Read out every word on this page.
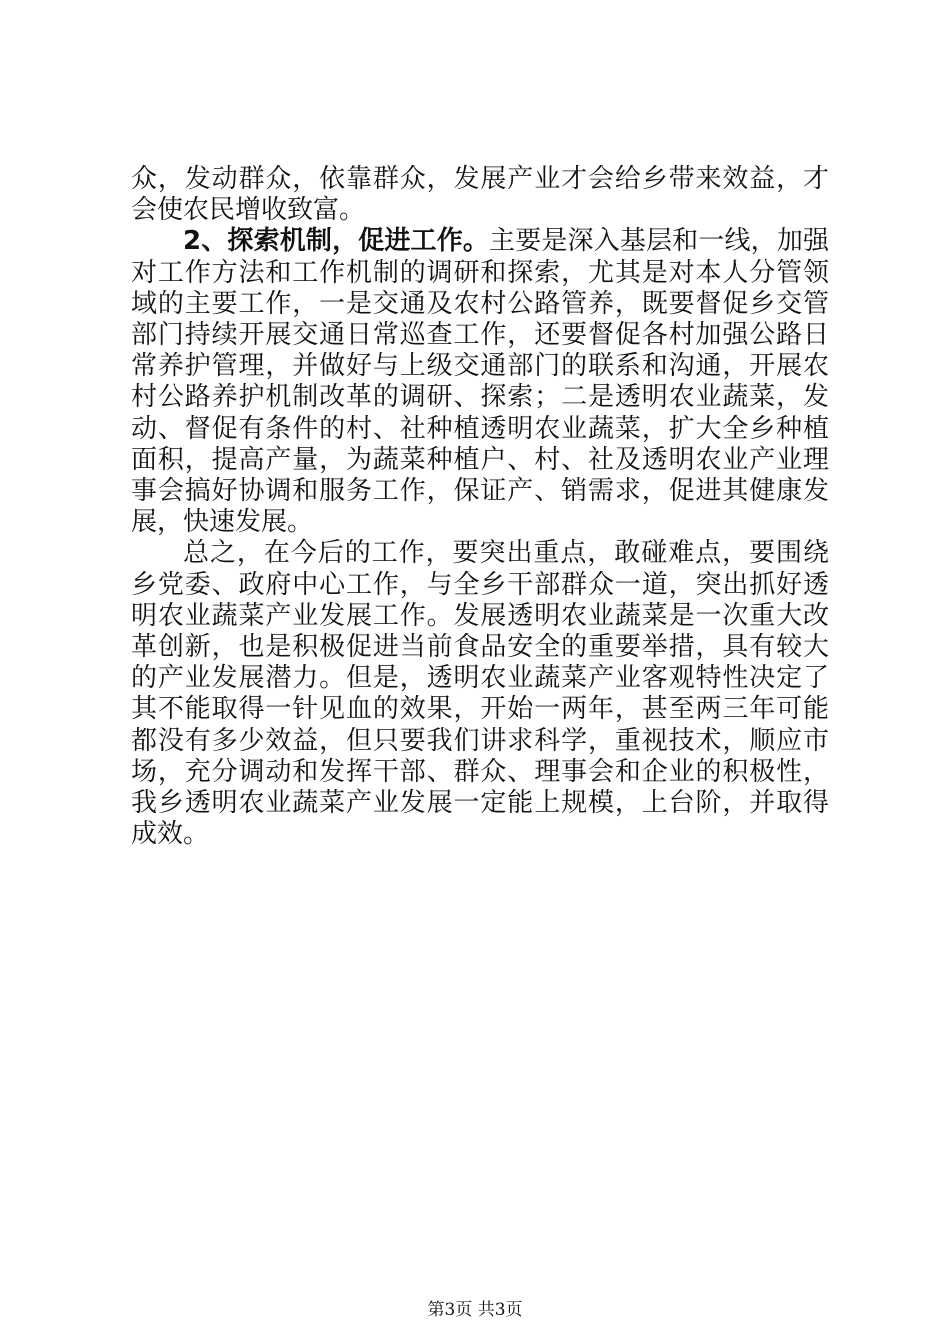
众，发动群众，依靠群众，发展产业才会给乡带来效益，才会使农民增收致富。

2、探索机制，促进工作。主要是深入基层和一线，加强对工作方法和工作机制的调研和探索，尤其是对本人分管领域的主要工作，一是交通及农村公路管养，既要督促乡交管部门持续开展交通日常巡查工作，还要督促各村加强公路日常养护管理，并做好与上级交通部门的联系和沟通，开展农村公路养护机制改革的调研、探索；二是透明农业蔬菜，发动、督促有条件的村、社种植透明农业蔬菜，扩大全乡种植面积，提高产量，为蔬菜种植户、村、社及透明农业产业理事会搞好协调和服务工作，保证产、销需求，促进其健康发展，快速发展。

总之，在今后的工作，要突出重点，敢碰难点，要围绕乡党委、政府中心工作，与全乡干部群众一道，突出抓好透明农业蔬菜产业发展工作。发展透明农业蔬菜是一次重大改革创新，也是积极促进当前食品安全的重要举措，具有较大的产业发展潜力。但是，透明农业蔬菜产业客观特性决定了其不能取得一针见血的效果，开始一两年，甚至两三年可能都没有多少效益，但只要我们讲求科学，重视技术，顺应市场，充分调动和发挥干部、群众、理事会和企业的积极性，我乡透明农业蔬菜产业发展一定能上规模，上台阶，并取得成效。

第3页 共3页
